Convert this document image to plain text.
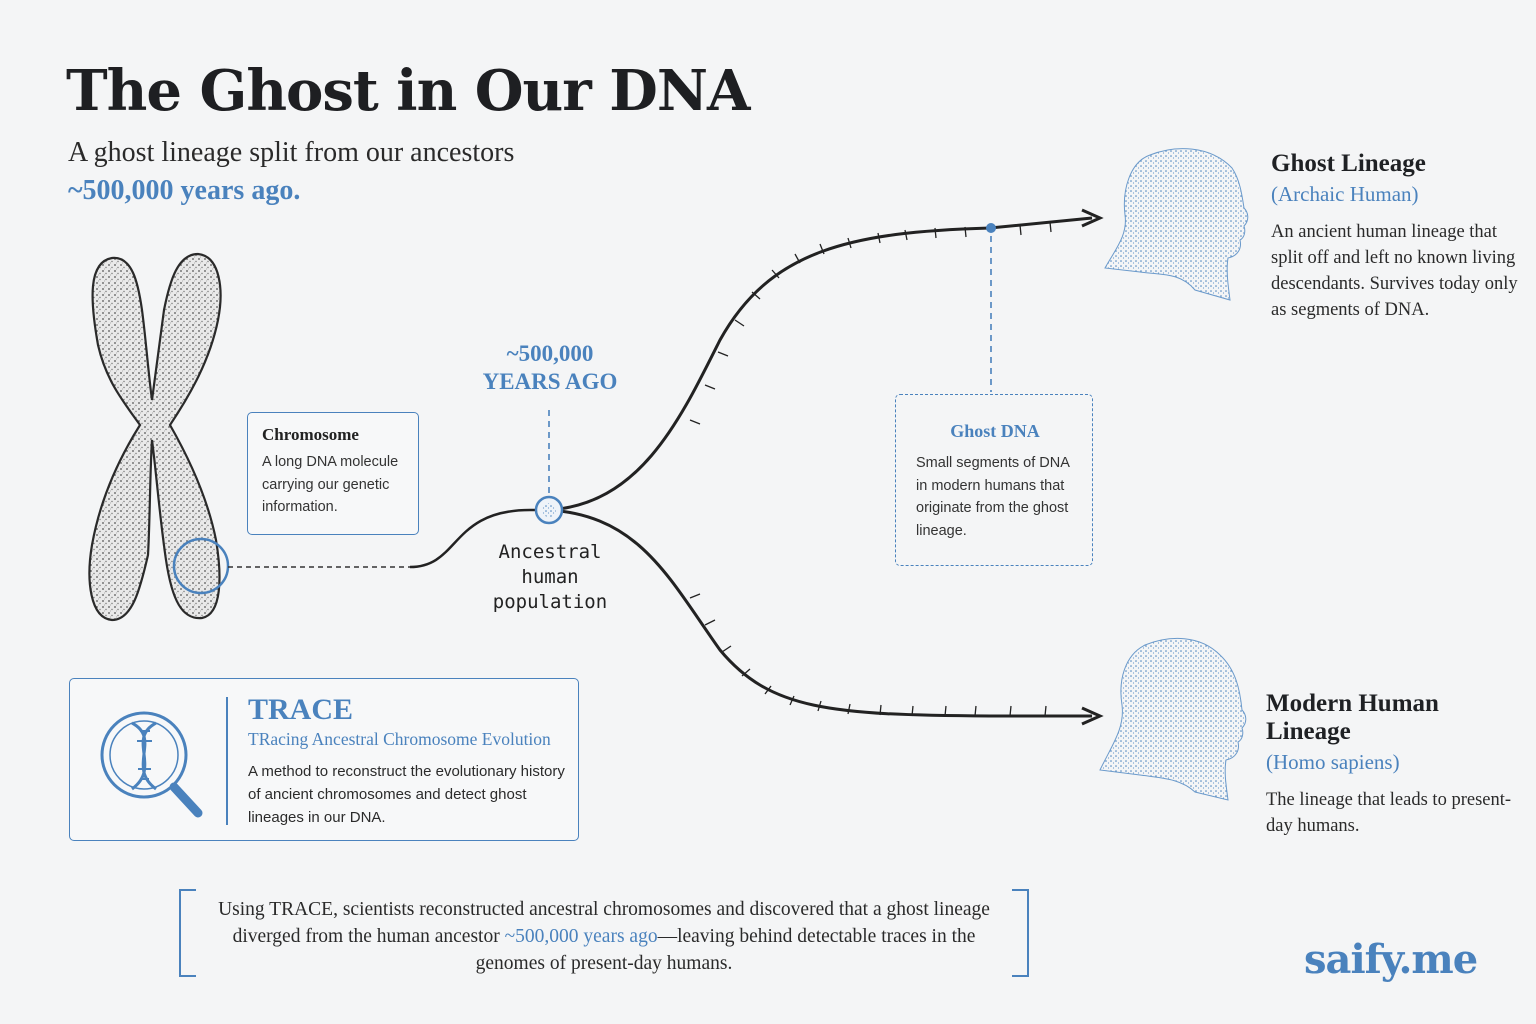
The Ghost in Our DNA
A ghost lineage split from our ancestors
~500,000 years ago.
Chromosome
A long DNA molecule carrying our genetic information.
~500,000
YEARS AGO
Ancestral
human
population
Ghost DNA
Small segments of DNA in modern humans that originate from the ghost lineage.
Ghost Lineage
(Archaic Human)
An ancient human lineage that split off and left no known living descendants. Survives today only as segments of DNA.
Modern Human Lineage
(Homo sapiens)
The lineage that leads to present-day humans.
TRACE
TRacing Ancestral Chromosome Evolution
A method to reconstruct the evolutionary history of ancient chromosomes and detect ghost lineages in our DNA.
Using TRACE, scientists reconstructed ancestral chromosomes and discovered that a ghost lineage diverged from the human ancestor ~500,000 years ago—leaving behind detectable traces in the genomes of present-day humans.	saify.me
